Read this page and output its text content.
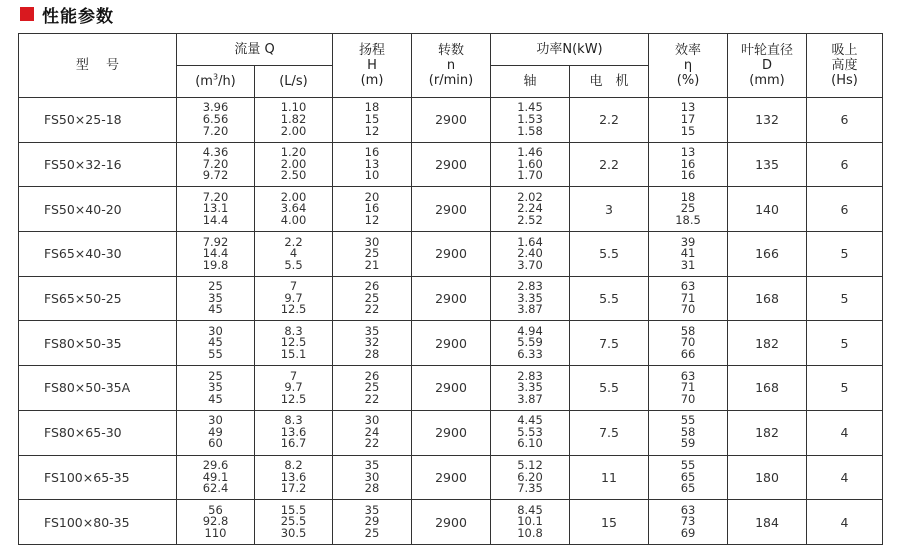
性能参数
型　 号	流量 Q		扬程
H
(m)	转数
n
(r/min)	功率N(kW)		效率
η
(%)	叶轮直径
D
(mm)	吸上
高度
(Hs)
	$(m^3/h)$	(L/s)			轴	电　机			
FS50×25-18	3.96
6.56
7.20	1.10
1.82
2.00	18
15
12	2900	1.45
1.53
1.58	2.2	13
17
15	132	6
FS50×32-16	4.36
7.20
9.72	1.20
2.00
2.50	16
13
10	2900	1.46
1.60
1.70	2.2	13
16
16	135	6
FS50×40-20	7.20
13.1
14.4	2.00
3.64
4.00	20
16
12	2900	2.02
2.24
2.52	3	18
25
18.5	140	6
FS65×40-30	7.92
14.4
19.8	2.2
4
5.5	30
25
21	2900	1.64
2.40
3.70	5.5	39
41
31	166	5
FS65×50-25	25
35
45	7
9.7
12.5	26
25
22	2900	2.83
3.35
3.87	5.5	63
71
70	168	5
FS80×50-35	30
45
55	8.3
12.5
15.1	35
32
28	2900	4.94
5.59
6.33	7.5	58
70
66	182	5
FS80×50-35A	25
35
45	7
9.7
12.5	26
25
22	2900	2.83
3.35
3.87	5.5	63
71
70	168	5
FS80×65-30	30
49
60	8.3
13.6
16.7	30
24
22	2900	4.45
5.53
6.10	7.5	55
58
59	182	4
FS100×65-35	29.6
49.1
62.4	8.2
13.6
17.2	35
30
28	2900	5.12
6.20
7.35	11	55
65
65	180	4
FS100×80-35	56
92.8
110	15.5
25.5
30.5	35
29
25	2900	8.45
10.1
10.8	15	63
73
69	184	4
